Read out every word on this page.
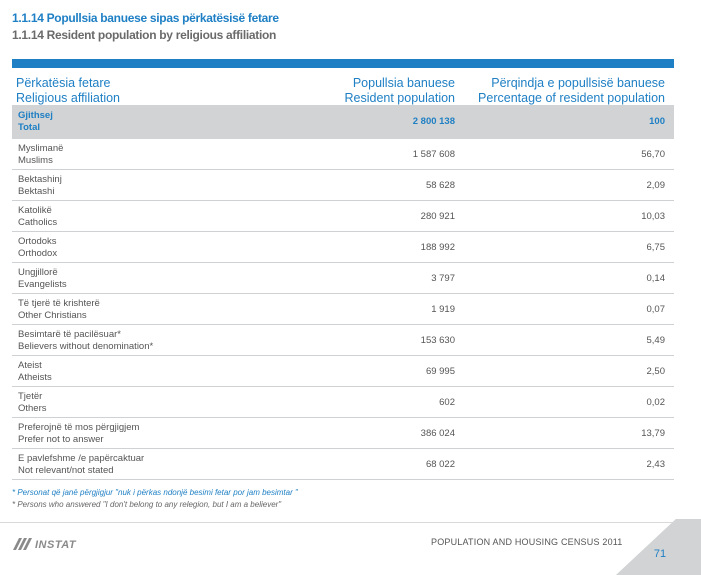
1.1.14 Popullsia banuese sipas përkatësisë fetare
1.1.14 Resident population by religious affiliation
Përkatësia fetare
Religious affiliation
Popullsia banuese
Resident population
Përqindja e popullsisë banuese
Percentage of resident population
Gjithsej
Total
2 800 138	100
Myslimanë
Muslims
1 587 608	56,70
Bektashinj
Bektashi
58 628	2,09
Katolikë
Catholics
280 921	10,03
Ortodoks
Orthodox
188 992	6,75
Ungjillorë
Evangelists
3 797	0,14
Të tjerë të krishterë
Other Christians
1 919	0,07
Besimtarë të pacilësuar*
Believers without denomination*
153 630	5,49
Ateist
Atheists
69 995	2,50
Tjetër
Others
602	0,02
Preferojnë të mos përgjigjem
Prefer not to answer
386 024	13,79
E pavlefshme /e papërcaktuar
Not relevant/not stated
68 022	2,43
* Personat që janë përgjigjur "nuk i përkas ndonjë besimi fetar por jam besimtar "
* Persons who answered "I don't belong to any relegion, but I am a believer"
INSTAT	POPULATION AND HOUSING CENSUS 2011
71
